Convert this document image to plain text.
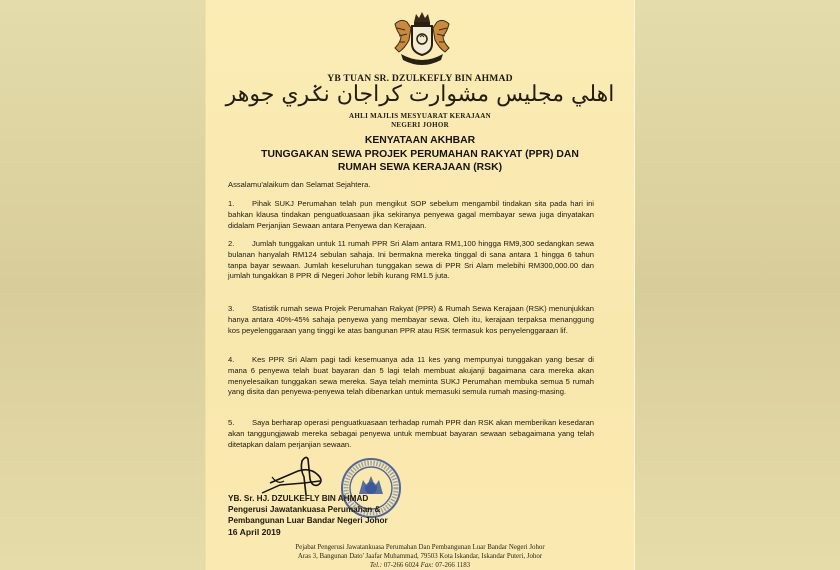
YB TUAN SR. DZULKEFLY BIN AHMAD
اهلي مجليس مشوارت كراجان نݢري جوهر
AHLI MAJLIS MESYUARAT KERAJAAN
NEGERI JOHOR
KENYATAAN AKHBAR
TUNGGAKAN SEWA PROJEK PERUMAHAN RAKYAT (PPR) DAN
RUMAH SEWA KERAJAAN (RSK)
Assalamu'alaikum dan Selamat Sejahtera.
1. Pihak SUKJ Perumahan telah pun mengikut SOP sebelum mengambil tindakan sita pada hari ini bahkan klausa tindakan penguatkuasaan jika sekiranya penyewa gagal membayar sewa juga dinyatakan didalam Perjanjian Sewaan antara Penyewa dan Kerajaan.
2. Jumlah tunggakan untuk 11 rumah PPR Sri Alam antara RM1,100 hingga RM9,300 sedangkan sewa bulanan hanyalah RM124 sebulan sahaja. Ini bermakna mereka tinggal di sana antara 1 hingga 6 tahun tanpa bayar sewaan. Jumlah keseluruhan tunggakan sewa di PPR Sri Alam melebihi RM300,000.00 dan jumlah tungakkan 8 PPR di Negeri Johor lebih kurang RM1.5 juta.
3. Statistik rumah sewa Projek Perumahan Rakyat (PPR) & Rumah Sewa Kerajaan (RSK) menunjukkan hanya antara 40%-45% sahaja penyewa yang membayar sewa. Oleh itu, kerajaan terpaksa menanggung kos peyelenggaraan yang tinggi ke atas bangunan PPR atau RSK termasuk kos penyelenggaraan lif.
4. Kes PPR Sri Alam pagi tadi kesemuanya ada 11 kes yang mempunyai tunggakan yang besar di mana 6 penyewa telah buat bayaran dan 5 lagi telah membuat akujanji bagaimana cara mereka akan menyelesaikan tunggakan sewa mereka. Saya telah meminta SUKJ Perumahan membuka semua 5 rumah yang disita dan penyewa-penyewa telah dibenarkan untuk memasuki semula rumah masing-masing.
5. Saya berharap operasi penguatkuasaan terhadap rumah PPR dan RSK akan memberikan kesedaran akan tanggungjawab mereka sebagai penyewa untuk membuat bayaran sewaan sebagaimana yang telah ditetapkan dalam perjanjian sewaan.
YB. Sr. HJ. DZULKEFLY BIN AHMAD
Pengerusi Jawatankuasa Perumahan &
Pembangunan Luar Bandar Negeri Johor
16 April 2019
Pejabat Pengerusi Jawatankuasa Perumahan Dan Pembangunan Luar Bandar Negeri Johor
Aras 3, Bangunan Dato' Jaafar Muhammad, 79503 Kota Iskandar, Iskandar Puteri, Johor
Tel.: 07-266 6024 Fax: 07-266 1183
